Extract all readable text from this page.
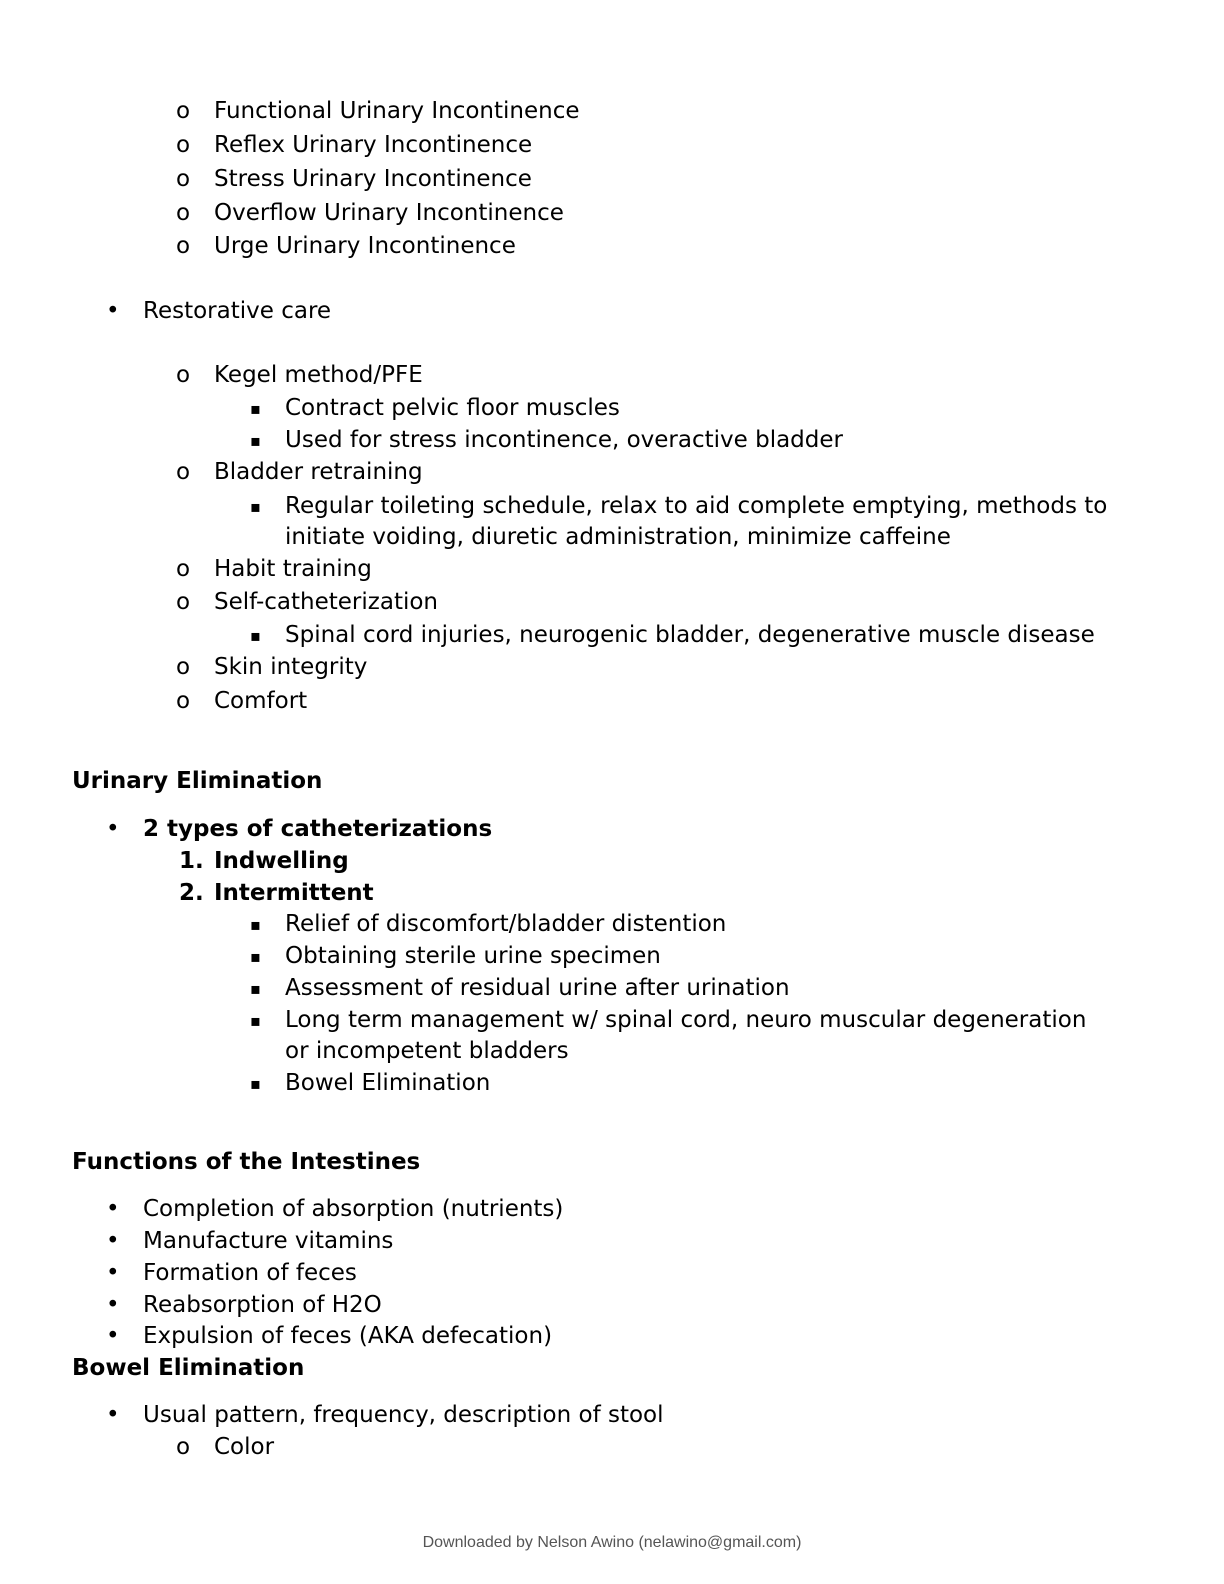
o Functional Urinary Incontinence
o Reflex Urinary Incontinence
o Stress Urinary Incontinence
o Overflow Urinary Incontinence
o Urge Urinary Incontinence
• Restorative care
o Kegel method/PFE
▪ Contract pelvic floor muscles
▪ Used for stress incontinence, overactive bladder
o Bladder retraining
▪ Regular toileting schedule, relax to aid complete emptying, methods to
initiate voiding, diuretic administration, minimize caffeine
o Habit training
o Self-catheterization
▪ Spinal cord injuries, neurogenic bladder, degenerative muscle disease
o Skin integrity
o Comfort
Urinary Elimination
• 2 types of catheterizations
1. Indwelling
2. Intermittent
▪ Relief of discomfort/bladder distention
▪ Obtaining sterile urine specimen
▪ Assessment of residual urine after urination
▪ Long term management w/ spinal cord, neuro muscular degeneration
or incompetent bladders
▪ Bowel Elimination
Functions of the Intestines
• Completion of absorption (nutrients)
• Manufacture vitamins
• Formation of feces
• Reabsorption of H2O
• Expulsion of feces (AKA defecation)
Bowel Elimination
• Usual pattern, frequency, description of stool
o Color
Downloaded by Nelson Awino (nelawino@gmail.com)
